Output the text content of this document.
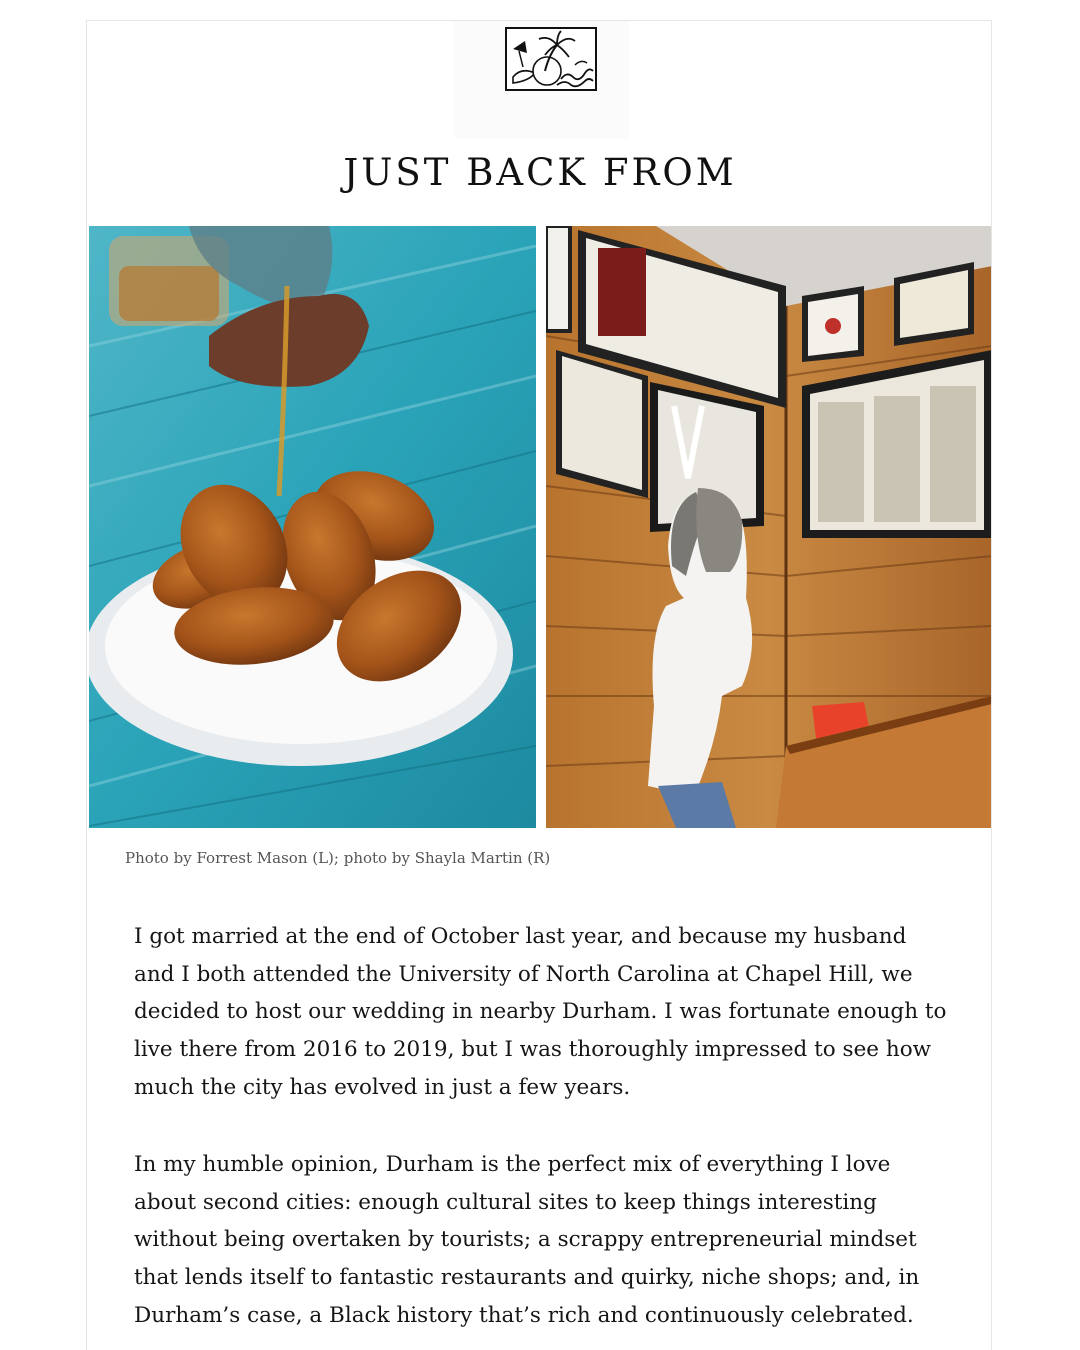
JUST BACK FROM
Photo by Forrest Mason (L); photo by Shayla Martin (R)

I got married at the end of October last year, and because my husband and I both attended the University of North Carolina at Chapel Hill, we decided to host our wedding in nearby Durham. I was fortunate enough to live there from 2016 to 2019, but I was thoroughly impressed to see how much the city has evolved in just a few years.

In my humble opinion, Durham is the perfect mix of everything I love about second cities: enough cultural sites to keep things interesting without being overtaken by tourists; a scrappy entrepreneurial mindset that lends itself to fantastic restaurants and quirky, niche shops; and, in Durham’s case, a Black history that’s rich and continuously celebrated.
